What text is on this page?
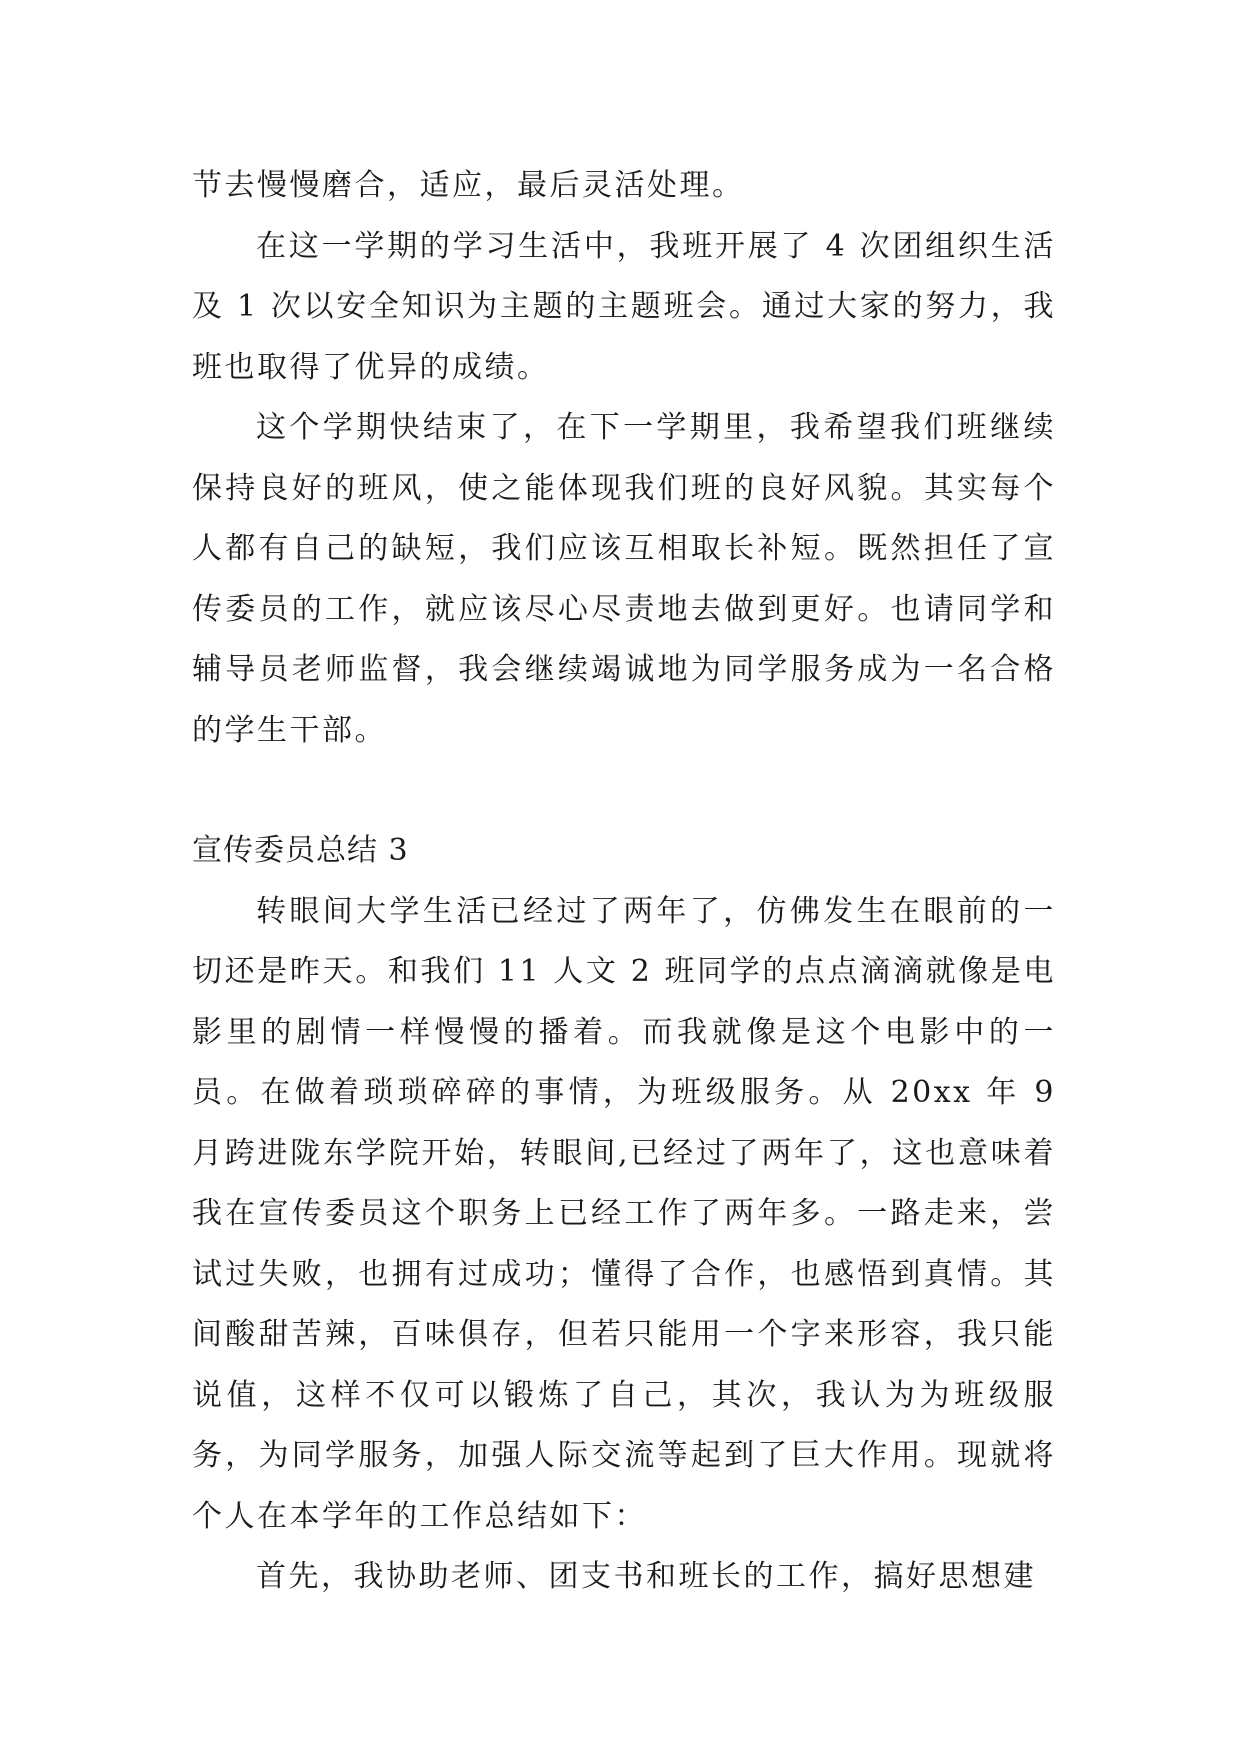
节去慢慢磨合，适应，最后灵活处理。

在这一学期的学习生活中，我班开展了 4 次团组织生活及 1 次以安全知识为主题的主题班会。通过大家的努力，我班也取得了优异的成绩。

这个学期快结束了，在下一学期里，我希望我们班继续保持良好的班风，使之能体现我们班的良好风貌。其实每个人都有自己的缺短，我们应该互相取长补短。既然担任了宣传委员的工作，就应该尽心尽责地去做到更好。也请同学和辅导员老师监督，我会继续竭诚地为同学服务成为一名合格的学生干部。

宣传委员总结 3

转眼间大学生活已经过了两年了，仿佛发生在眼前的一切还是昨天。和我们 11 人文 2 班同学的点点滴滴就像是电影里的剧情一样慢慢的播着。而我就像是这个电影中的一员。在做着琐琐碎碎的事情，为班级服务。从 20xx 年 9 月跨进陇东学院开始，转眼间,已经过了两年了，这也意味着我在宣传委员这个职务上已经工作了两年多。一路走来，尝试过失败，也拥有过成功；懂得了合作，也感悟到真情。其间酸甜苦辣，百味俱存，但若只能用一个字来形容，我只能说值，这样不仅可以锻炼了自己，其次，我认为为班级服务，为同学服务，加强人际交流等起到了巨大作用。现就将个人在本学年的工作总结如下：

首先，我协助老师、团支书和班长的工作，搞好思想建
